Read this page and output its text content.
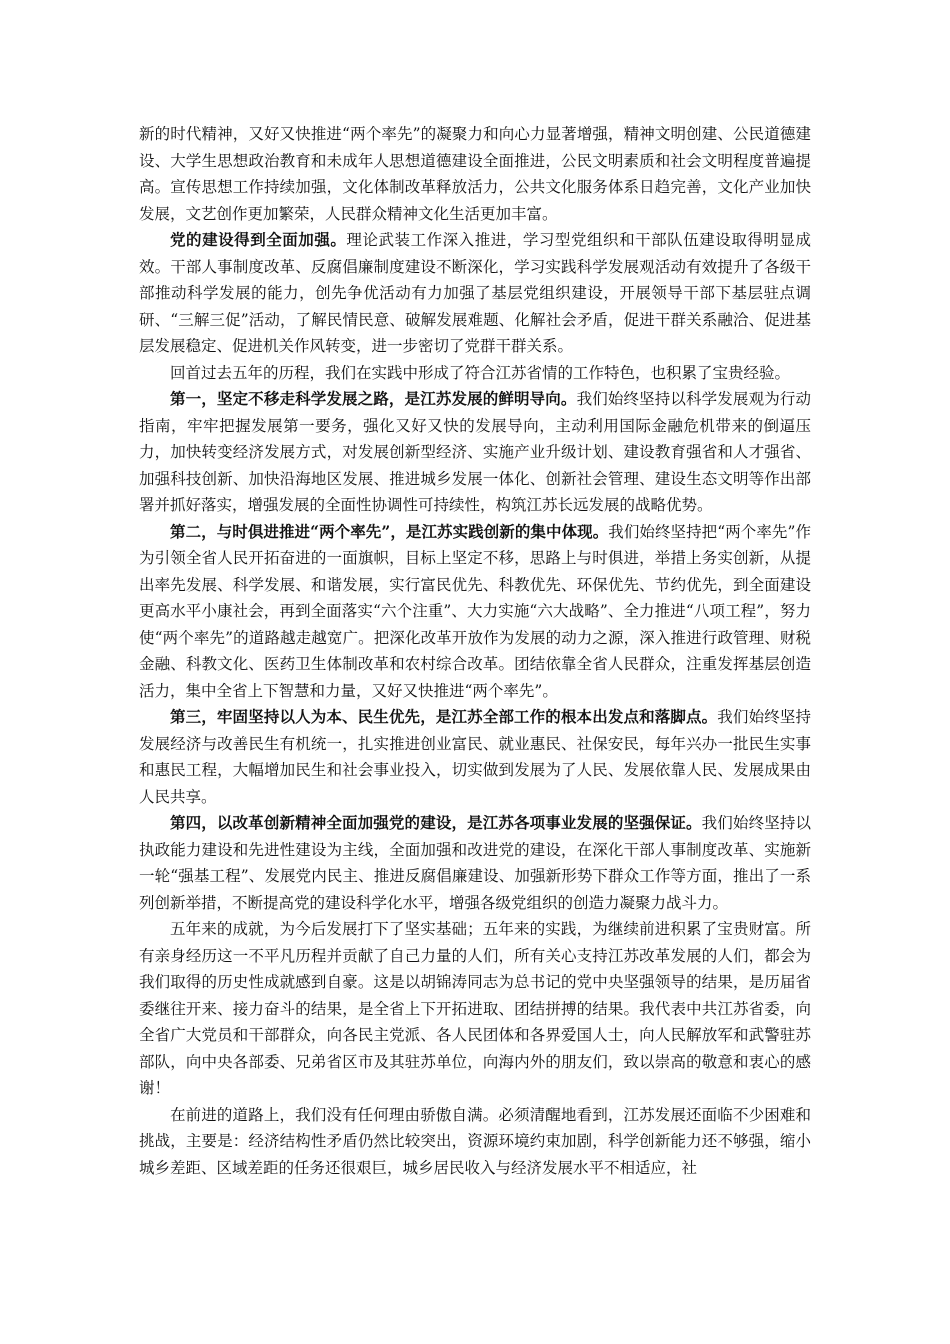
新的时代精神，又好又快推进“两个率先”的凝聚力和向心力显著增强，精神文明创建、公民道德建设、大学生思想政治教育和未成年人思想道德建设全面推进，公民文明素质和社会文明程度普遍提高。宣传思想工作持续加强，文化体制改革释放活力，公共文化服务体系日趋完善，文化产业加快发展，文艺创作更加繁荣，人民群众精神文化生活更加丰富。

党的建设得到全面加强。理论武装工作深入推进，学习型党组织和干部队伍建设取得明显成效。干部人事制度改革、反腐倡廉制度建设不断深化，学习实践科学发展观活动有效提升了各级干部推动科学发展的能力，创先争优活动有力加强了基层党组织建设，开展领导干部下基层驻点调研、“三解三促”活动，了解民情民意、破解发展难题、化解社会矛盾，促进干群关系融洽、促进基层发展稳定、促进机关作风转变，进一步密切了党群干群关系。

回首过去五年的历程，我们在实践中形成了符合江苏省情的工作特色，也积累了宝贵经验。

第一，坚定不移走科学发展之路，是江苏发展的鲜明导向。我们始终坚持以科学发展观为行动指南，牢牢把握发展第一要务，强化又好又快的发展导向，主动利用国际金融危机带来的倒逼压力，加快转变经济发展方式，对发展创新型经济、实施产业升级计划、建设教育强省和人才强省、加强科技创新、加快沿海地区发展、推进城乡发展一体化、创新社会管理、建设生态文明等作出部署并抓好落实，增强发展的全面性协调性可持续性，构筑江苏长远发展的战略优势。

第二，与时俱进推进“两个率先”，是江苏实践创新的集中体现。我们始终坚持把“两个率先”作为引领全省人民开拓奋进的一面旗帜，目标上坚定不移，思路上与时俱进，举措上务实创新，从提出率先发展、科学发展、和谐发展，实行富民优先、科教优先、环保优先、节约优先，到全面建设更高水平小康社会，再到全面落实“六个注重”、大力实施“六大战略”、全力推进“八项工程”，努力使“两个率先”的道路越走越宽广。把深化改革开放作为发展的动力之源，深入推进行政管理、财税金融、科教文化、医药卫生体制改革和农村综合改革。团结依靠全省人民群众，注重发挥基层创造活力，集中全省上下智慧和力量，又好又快推进“两个率先”。

第三，牢固坚持以人为本、民生优先，是江苏全部工作的根本出发点和落脚点。我们始终坚持发展经济与改善民生有机统一，扎实推进创业富民、就业惠民、社保安民，每年兴办一批民生实事和惠民工程，大幅增加民生和社会事业投入，切实做到发展为了人民、发展依靠人民、发展成果由人民共享。

第四，以改革创新精神全面加强党的建设，是江苏各项事业发展的坚强保证。我们始终坚持以执政能力建设和先进性建设为主线，全面加强和改进党的建设，在深化干部人事制度改革、实施新一轮“强基工程”、发展党内民主、推进反腐倡廉建设、加强新形势下群众工作等方面，推出了一系列创新举措，不断提高党的建设科学化水平，增强各级党组织的创造力凝聚力战斗力。

五年来的成就，为今后发展打下了坚实基础；五年来的实践，为继续前进积累了宝贵财富。所有亲身经历这一不平凡历程并贡献了自己力量的人们，所有关心支持江苏改革发展的人们，都会为我们取得的历史性成就感到自豪。这是以胡锦涛同志为总书记的党中央坚强领导的结果，是历届省委继往开来、接力奋斗的结果，是全省上下开拓进取、团结拼搏的结果。我代表中共江苏省委，向全省广大党员和干部群众，向各民主党派、各人民团体和各界爱国人士，向人民解放军和武警驻苏部队，向中央各部委、兄弟省区市及其驻苏单位，向海内外的朋友们，致以崇高的敬意和衷心的感谢！

在前进的道路上，我们没有任何理由骄傲自满。必须清醒地看到，江苏发展还面临不少困难和挑战，主要是：经济结构性矛盾仍然比较突出，资源环境约束加剧，科学创新能力还不够强，缩小城乡差距、区域差距的任务还很艰巨，城乡居民收入与经济发展水平不相适应，社
